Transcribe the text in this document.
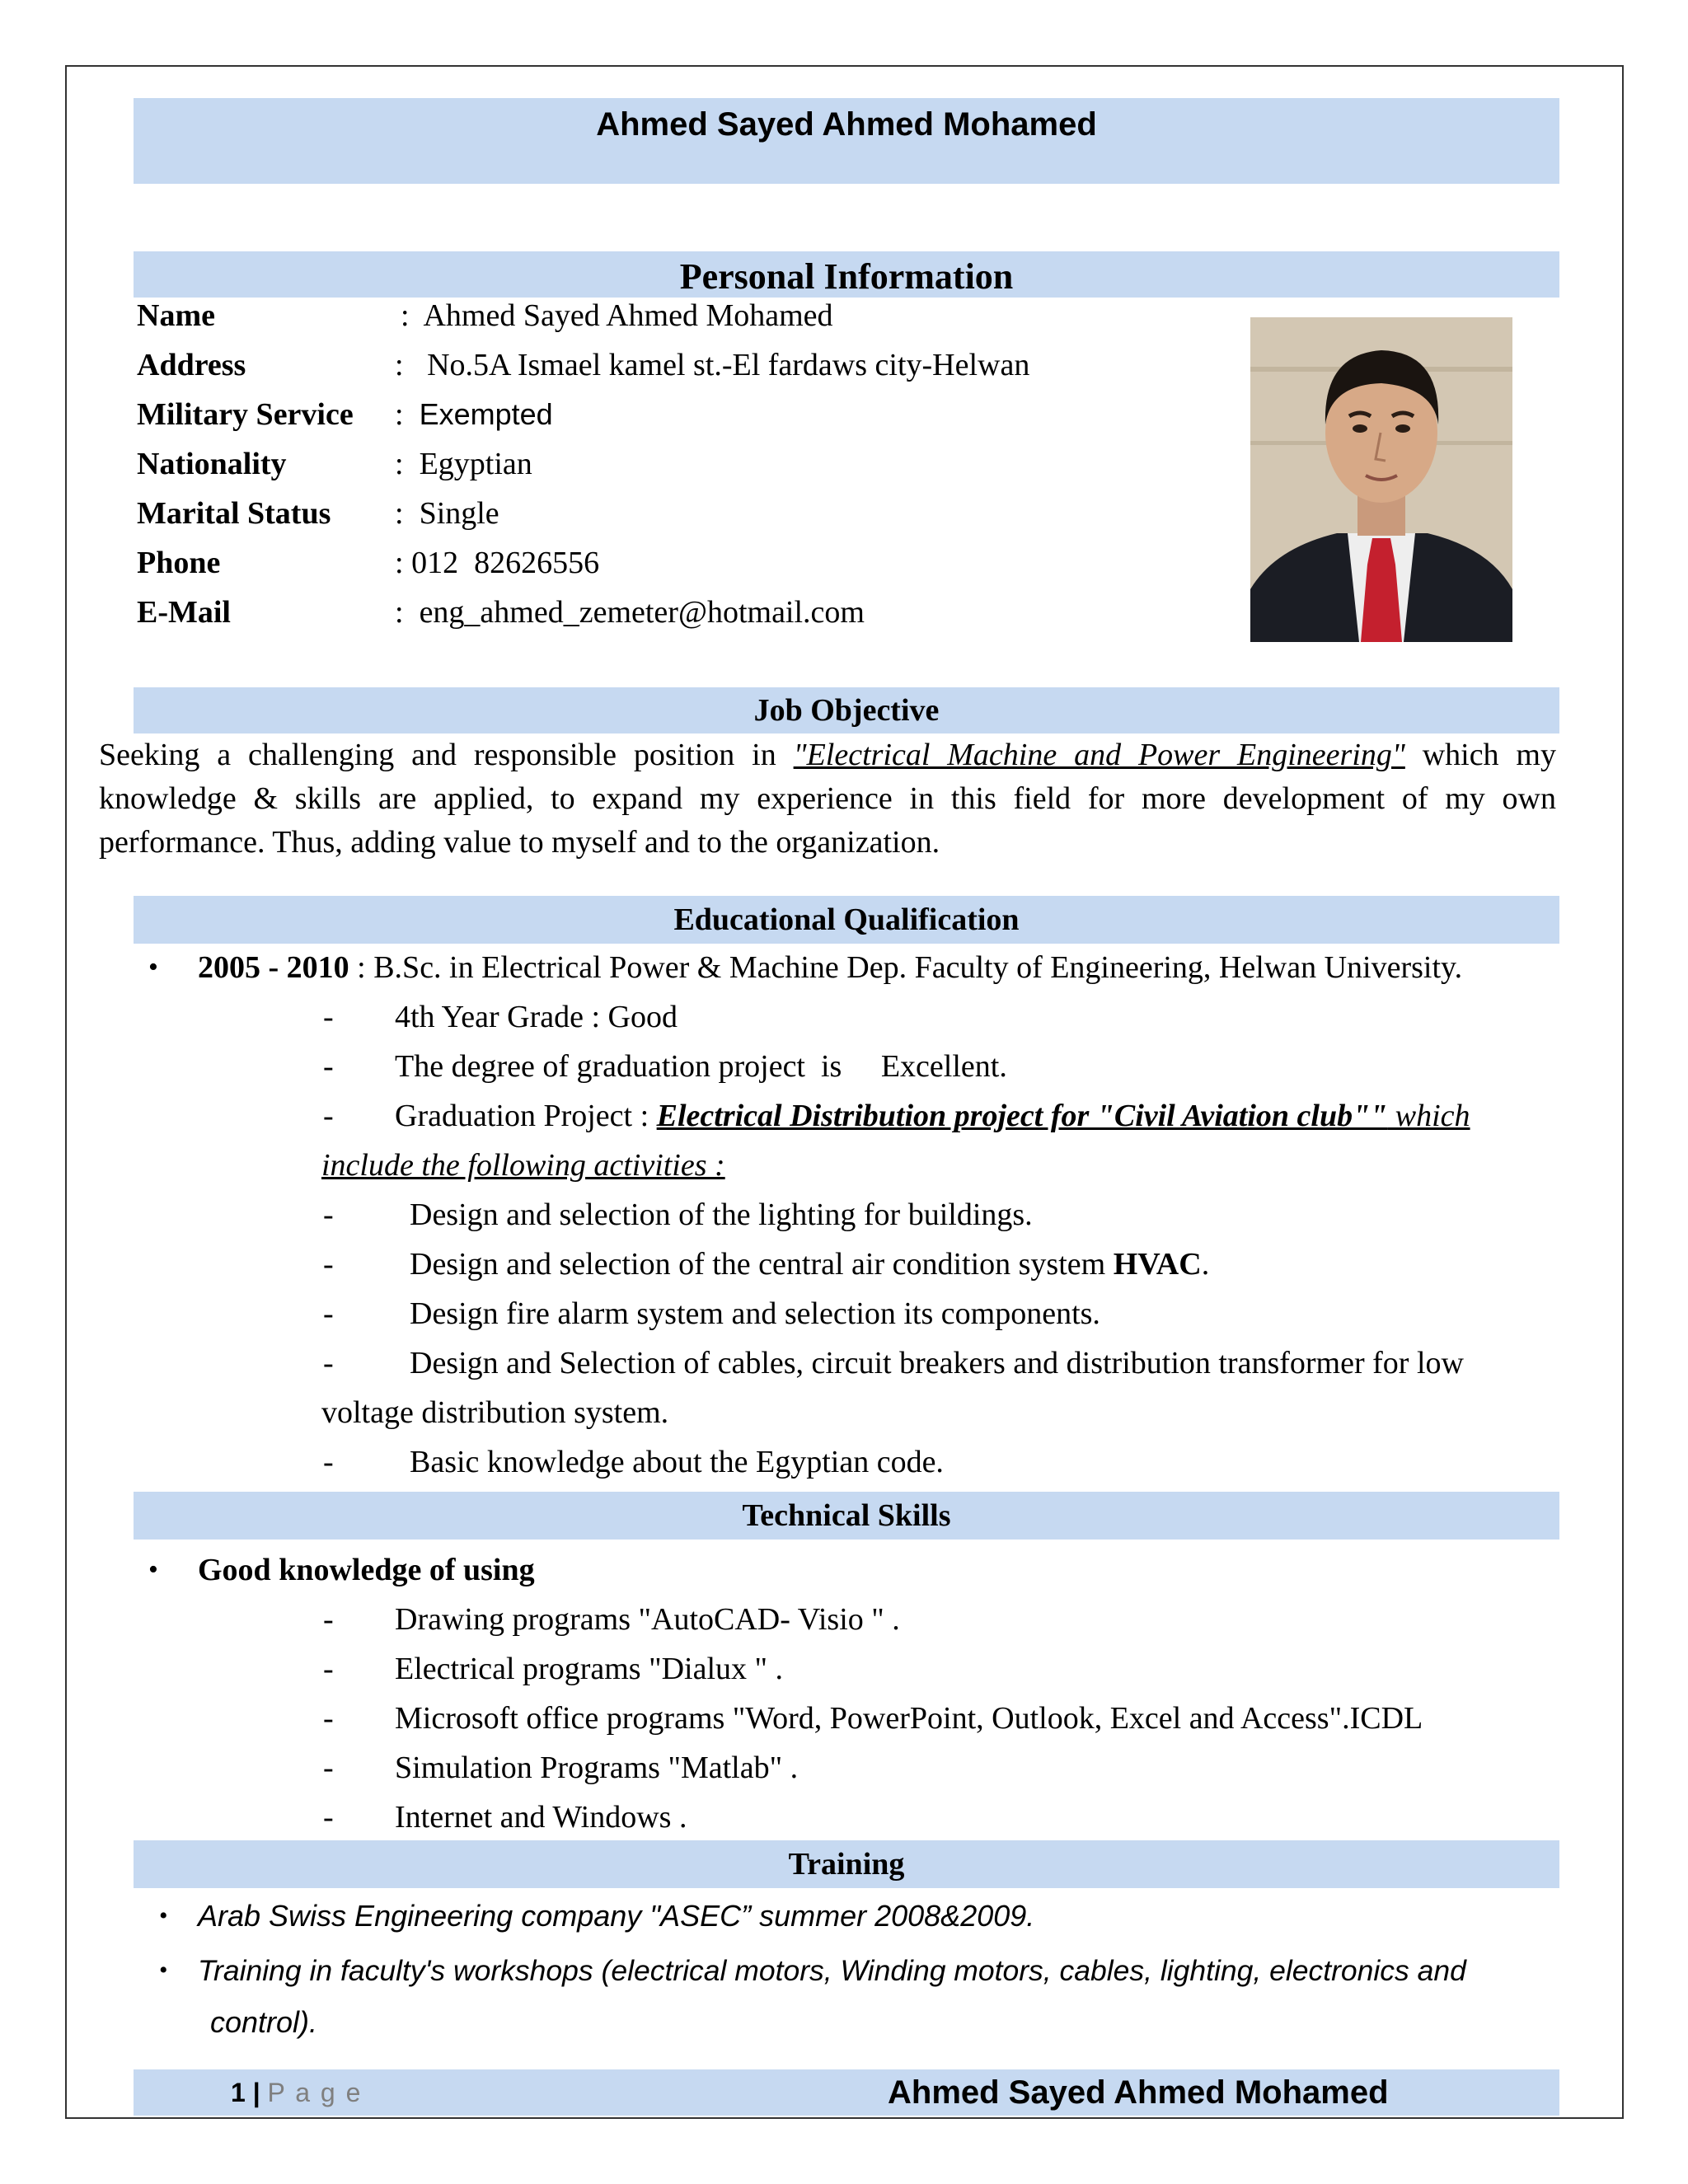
Ahmed Sayed Ahmed Mohamed
Personal Information
Name	: Ahmed Sayed Ahmed Mohamed
Address	: No.5A Ismael kamel st.-El fardaws city-Helwan
Military Service : Exempted
Nationality	: Egyptian
Marital Status : Single
Phone	: 012  82626556
E-Mail	: eng_ahmed_zemeter@hotmail.com
Job Objective
Seeking a challenging and responsible position in "Electrical Machine and Power Engineering" which my knowledge & skills are applied, to expand my experience in this field for more development of my own performance. Thus, adding value to myself and to the organization.
Educational Qualification
• 2005 - 2010 : B.Sc. in Electrical Power & Machine Dep. Faculty of Engineering, Helwan University.
- 4th Year Grade : Good
- The degree of graduation project  is     Excellent.
- Graduation Project : Electrical Distribution project for "Civil Aviation club"" which
include the following activities :
- Design and selection of the lighting for buildings.
- Design and selection of the central air condition system HVAC.
- Design fire alarm system and selection its components.
- Design and Selection of cables, circuit breakers and distribution transformer for low
voltage distribution system.
- Basic knowledge about the Egyptian code.
Technical Skills
• Good knowledge of using
- Drawing programs "AutoCAD- Visio " .
- Electrical programs "Dialux " .
- Microsoft office programs "Word, PowerPoint, Outlook, Excel and Access".ICDL
- Simulation Programs "Matlab" .
- Internet and Windows .
Training
• Arab Swiss Engineering company "ASEC” summer 2008&2009.
• Training in faculty's workshops (electrical motors, Winding motors, cables, lighting, electronics and
control).
1 | P a g e	Ahmed Sayed Ahmed Mohamed
